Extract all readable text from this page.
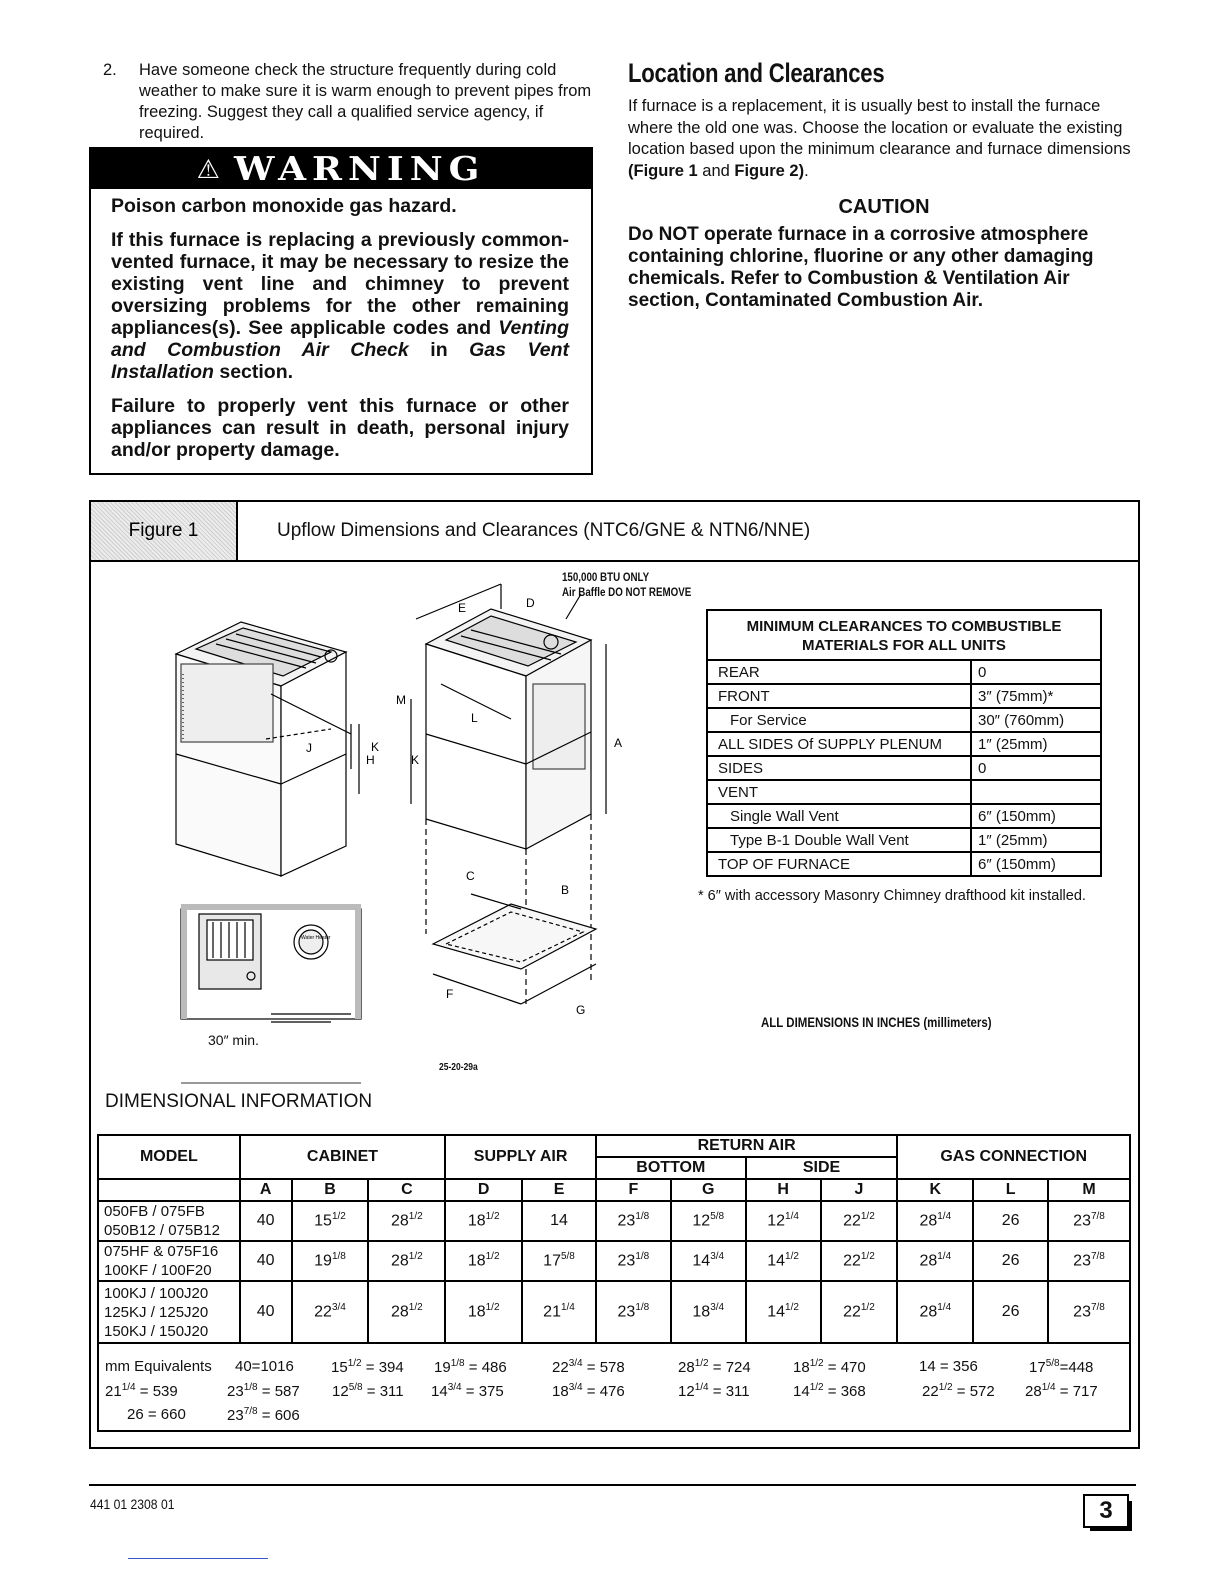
2.	Have someone check the structure frequently during cold weather to make sure it is warm enough to prevent pipes from freezing. Suggest they call a qualified service agency, if required.
⚠ WARNING

Poison carbon monoxide gas hazard.

If this furnace is replacing a previously common-vented furnace, it may be necessary to resize the existing vent line and chimney to prevent oversizing problems for the other remaining appliances(s). See applicable codes and Venting and Combustion Air Check in Gas Vent Installation section.

Failure to properly vent this furnace or other appliances can result in death, personal injury and/or property damage.

Location and Clearances
If furnace is a replacement, it is usually best to install the furnace where the old one was. Choose the location or evaluate the existing location based upon the minimum clearance and furnace dimensions (Figure 1 and Figure 2).
CAUTION
Do NOT operate furnace in a corrosive atmosphere containing chlorine, fluorine or any other damaging chemicals. Refer to Combustion & Ventilation Air section, Contaminated Combustion Air.
Figure 1	Upflow Dimensions and Clearances (NTC6/GNE & NTN6/NNE)
M
J
H
K
K
E	D
L
A
C
B
F
G
Water Heater
150,000 BTU ONLY
Air Baffle DO NOT REMOVE
30″ min.
25-20-29a
ALL DIMENSIONS IN INCHES (millimeters)
MINIMUM CLEARANCES TO COMBUSTIBLE MATERIALS FOR ALL UNITS	
REAR	0
FRONT	3″ (75mm)*
For Service	30″ (760mm)
ALL SIDES Of SUPPLY PLENUM	1″ (25mm)
SIDES	0
VENT	
Single Wall Vent	6″ (150mm)
Type B-1 Double Wall Vent	1″ (25mm)
TOP OF FURNACE	6″ (150mm)
* 6″ with accessory Masonry Chimney drafthood kit installed.
DIMENSIONAL INFORMATION
MODEL	CABINET			SUPPLY AIR		RETURN AIR				GAS CONNECTION		
						BOTTOM		SIDE				
	A	B	C	D	E	F	G	H	J	K	L	M

050FB / 075FB
050B12 / 075B12	40	$15^{1/2}$	$28^{1/2}$	$18^{1/2}$	14	$23^{1/8}$	$12^{5/8}$	$12^{1/4}$	$22^{1/2}$	$28^{1/4}$	26	$23^{7/8}$

075HF & 075F16
100KF / 100F20	40	$19^{1/8}$	$28^{1/2}$	$18^{1/2}$	$17^{5/8}$	$23^{1/8}$	$14^{3/4}$	$14^{1/2}$	$22^{1/2}$	$28^{1/4}$	26	$23^{7/8}$

100KJ / 100J20
125KJ / 125J20
150KJ / 150J20	40	$22^{3/4}$	$28^{1/2}$	$18^{1/2}$	$21^{1/4}$	$23^{1/8}$	$18^{3/4}$	$14^{1/2}$	$22^{1/2}$	$28^{1/4}$	26	$23^{7/8}$
mm Equivalents 40=1016 $15^{1/2} = 394$ $19^{1/8} = 486$	$22^{3/4} = 578$	$28^{1/2} = 724$	$18^{1/2} = 470$	14 = 356	$17^{5/8}=448$
$21^{1/4} = 539$	$23^{1/8} = 587$ $12^{5/8} = 311$ $14^{3/4} = 375$	$18^{3/4} = 476$	$12^{1/4} = 311$	$14^{1/2} = 368$	$22^{1/2} = 572$ $28^{1/4} = 717$
26 = 660	$23^{7/8} = 606$
441 01 2308 01	3
